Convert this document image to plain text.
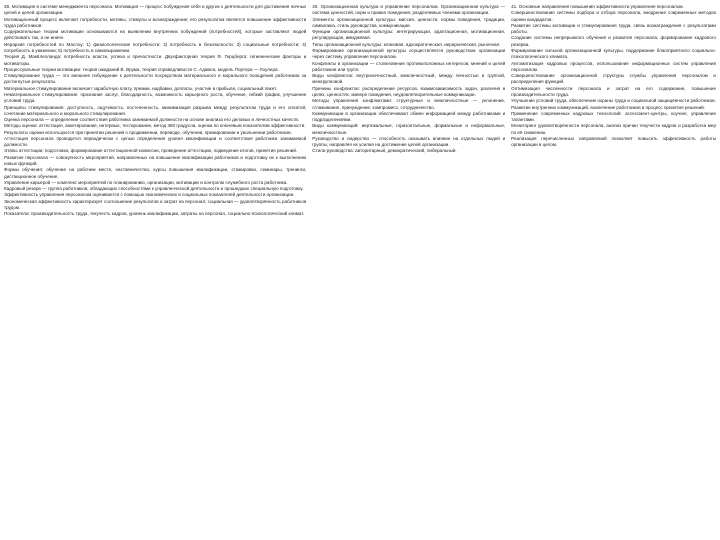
39. Мотивация в системе менеджмента персонала. Мотивация — процесс побуждения себя и других к деятельности для достижения личных целей и целей организации.

Мотивационный процесс включает потребности, мотивы, стимулы и вознаграждение; его результатом является повышение эффективности труда работников.

Содержательные теории мотивации основываются на выявлении внутренних побуждений (потребностей), которые заставляют людей действовать так, а не иначе.

Иерархия потребностей по Маслоу: 1) физиологические потребности; 2) потребность в безопасности; 3) социальные потребности; 4) потребность в уважении; 5) потребность в самовыражении.

Теория Д. МакКлелланда: потребность власти, успеха и причастности. Двухфакторная теория Ф. Герцберга: гигиенические факторы и мотиваторы.

Процессуальные теории мотивации: теория ожиданий В. Врума, теория справедливости С. Адамса, модель Портера — Лоулера.

Стимулирование труда — это внешнее побуждение к деятельности посредством материального и морального поощрения работников за достигнутые результаты.

Материальное стимулирование включает заработную плату, премии, надбавки, доплаты, участие в прибыли, социальный пакет.

Нематериальное стимулирование: признание заслуг, благодарность, возможность карьерного роста, обучение, гибкий график, улучшение условий труда.

Принципы стимулирования: доступность, ощутимость, постепенность, минимизация разрыва между результатом труда и его оплатой, сочетание материального и морального стимулирования.

Оценка персонала — определение соответствия работника занимаемой должности на основе анализа его деловых и личностных качеств.

Методы оценки: аттестация, анкетирование, интервью, тестирование, метод 360 градусов, оценка по ключевым показателям эффективности.

Результаты оценки используются при принятии решений о продвижении, переводе, обучении, премировании и увольнении работников.

Аттестация персонала проводится периодически с целью определения уровня квалификации и соответствия работника занимаемой должности.

Этапы аттестации: подготовка, формирование аттестационной комиссии, проведение аттестации, подведение итогов, принятие решений.

Развитие персонала — совокупность мероприятий, направленных на повышение квалификации работников и подготовку их к выполнению новых функций.

Формы обучения: обучение на рабочем месте, наставничество, курсы повышения квалификации, стажировки, семинары, тренинги, дистанционное обучение.

Управление карьерой — комплекс мероприятий по планированию, организации, мотивации и контролю служебного роста работника.

Кадровый резерв — группа работников, обладающих способностями к управленческой деятельности и прошедших специальную подготовку.

Эффективность управления персоналом оценивается с помощью экономических и социальных показателей деятельности организации.

Экономическая эффективность характеризует соотношение результатов и затрат на персонал; социальная — удовлетворённость работников трудом.

Показатели: производительность труда, текучесть кадров, уровень квалификации, затраты на персонал, социально-психологический климат.

40. Организационная культура и управление персоналом. Организационная культура — система ценностей, норм и правил поведения, разделяемых членами организации.

Элементы организационной культуры: миссия, ценности, нормы поведения, традиции, символика, стиль руководства, коммуникации.

Функции организационной культуры: интегрирующая, адаптационная, мотивационная, регулирующая, имиджевая.

Типы организационной культуры: клановая, адхократическая, иерархическая, рыночная.

Формирование организационной культуры осуществляется руководством организации через систему управления персоналом.

Конфликты в организации — столкновение противоположных интересов, мнений и целей работников или групп.

Виды конфликтов: внутриличностный, межличностный, между личностью и группой, межгрупповой.

Причины конфликтов: распределение ресурсов, взаимозависимость задач, различия в целях, ценностях, манере поведения, неудовлетворительные коммуникации.

Методы управления конфликтами: структурные и межличностные — уклонение, сглаживание, принуждение, компромисс, сотрудничество.

Коммуникации в организации обеспечивают обмен информацией между работниками и подразделениями.

Виды коммуникаций: вертикальные, горизонтальные, формальные и неформальные, межличностные.

Руководство и лидерство — способность оказывать влияние на отдельных людей и группы, направляя их усилия на достижение целей организации.

Стили руководства: авторитарный, демократический, либеральный.

41. Основные направления повышения эффективности управления персоналом.

Совершенствование системы подбора и отбора персонала, внедрение современных методов оценки кандидатов.

Развитие системы мотивации и стимулирования труда, связь вознаграждения с результатами работы.

Создание системы непрерывного обучения и развития персонала, формирование кадрового резерва.

Формирование сильной организационной культуры, поддержание благоприятного социально-психологического климата.

Автоматизация кадровых процессов, использование информационных систем управления персоналом.

Совершенствование организационной структуры службы управления персоналом и распределения функций.

Оптимизация численности персонала и затрат на его содержание, повышение производительности труда.

Улучшение условий труда, обеспечение охраны труда и социальной защищённости работников.

Развитие внутренних коммуникаций, вовлечение работников в процесс принятия решений.

Применение современных кадровых технологий: ассессмент-центры, коучинг, управление талантами.

Мониторинг удовлетворённости персонала, анализ причин текучести кадров и разработка мер по её снижению.

Реализация перечисленных направлений позволяет повысить эффективность работы организации в целом.
